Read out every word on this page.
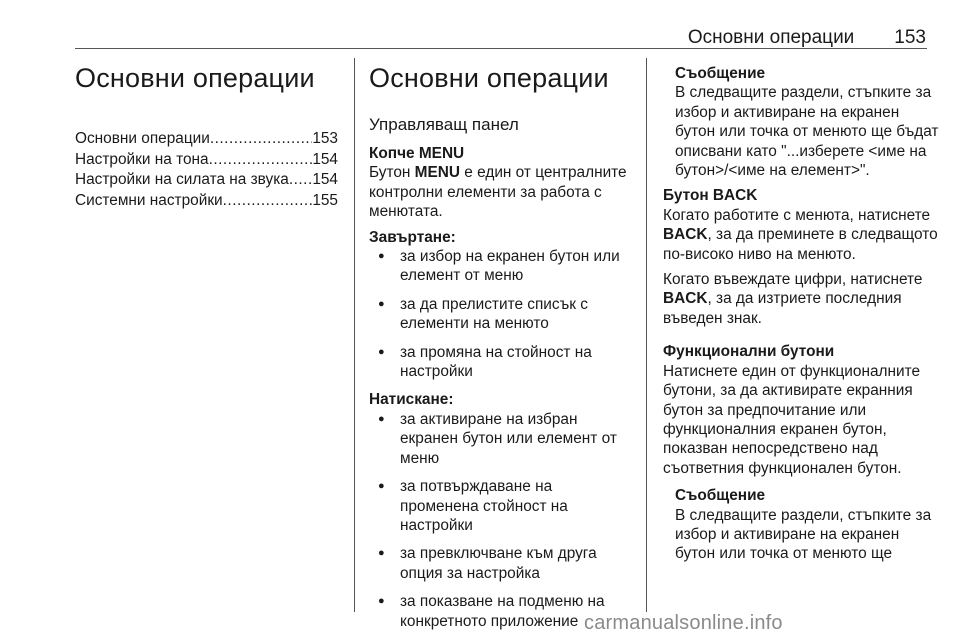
Основни операции 153
Основни операции
Основни операции .....	153
Настройки на тона .....	154
Настройки на силата на звука ..... 154
Системни настройки .....	155
Основни операции
Управляващ панел

Копче MENU

Бутон MENU е един от централните контролни елементи за работа с менютата.

Завъртане:

● за избор на екранен бутон или елемент от меню
● за да прелистите списък с елементи на менюто
● за промяна на стойност на настройки

Натискане:

● за активиране на избран екранен бутон или елемент от меню
● за потвърждаване на променена стойност на настройки
● за превключване към друга опция за настройка
● за показване на подменю на конкретното приложение

Съобщение

В следващите раздели, стъпките за избор и активиране на екранен бутон или точка от менюто ще бъдат описвани като "...изберете <име на бутон>/<име на елемент>".

Бутон BACK

Когато работите с менюта, натиснете BACK, за да преминете в следващото по-високо ниво на менюто.

Когато въвеждате цифри, натиснете BACK, за да изтриете последния въведен знак.

Функционални бутони

Натиснете един от функционалните бутони, за да активирате екранния бутон за предпочитание или функционалния екранен бутон, показван непосредствено над съответния функционален бутон.

Съобщение

В следващите раздели, стъпките за избор и активиране на екранен бутон или точка от менюто ще

carmanualsonline.info
